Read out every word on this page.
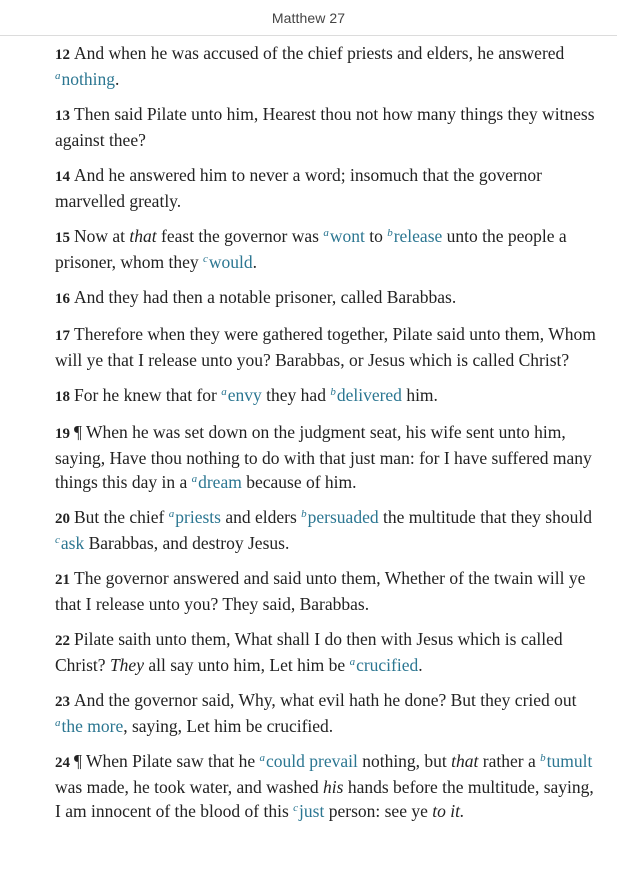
Matthew 27

12 And when he was accused of the chief priests and elders, he answered $^a$nothing.

13 Then said Pilate unto him, Hearest thou not how many things they witness against thee?

14 And he answered him to never a word; insomuch that the governor marvelled greatly.

15 Now at that feast the governor was $^a$wont to $^b$release unto the people a prisoner, whom they $^c$would.

16 And they had then a notable prisoner, called Barabbas.

17 Therefore when they were gathered together, Pilate said unto them, Whom will ye that I release unto you? Barabbas, or Jesus which is called Christ?

18 For he knew that for $^a$envy they had $^b$delivered him.

19 ¶ When he was set down on the judgment seat, his wife sent unto him, saying, Have thou nothing to do with that just man: for I have suffered many things this day in a $^a$dream because of him.

20 But the chief $^a$priests and elders $^b$persuaded the multitude that they should $^c$ask Barabbas, and destroy Jesus.

21 The governor answered and said unto them, Whether of the twain will ye that I release unto you? They said, Barabbas.

22 Pilate saith unto them, What shall I do then with Jesus which is called Christ? They all say unto him, Let him be $^a$crucified.

23 And the governor said, Why, what evil hath he done? But they cried out $^a$the more, saying, Let him be crucified.

24 ¶ When Pilate saw that he $^a$could prevail nothing, but that rather a $^b$tumult was made, he took water, and washed his hands before the multitude, saying, I am innocent of the blood of this $^c$just person: see ye to it.
